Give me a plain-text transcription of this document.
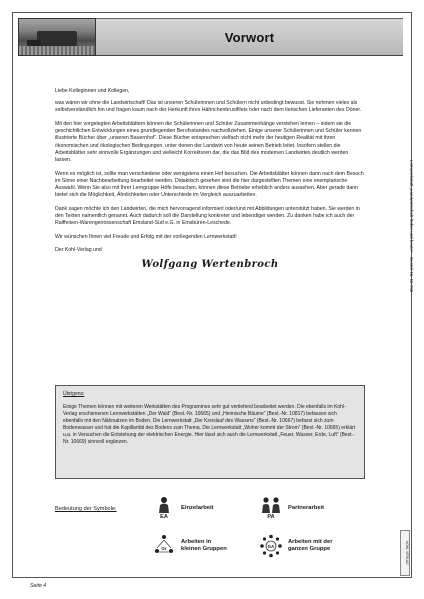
Vorwort

Liebe Kolleginnen und Kollegen,

was wären wir ohne die Landwirtschaft! Das ist unseren Schülerinnen und Schülern nicht unbedingt bewusst. Sie nehmen vieles als selbstverständlich hin und fragen kaum nach der Herkunft ihres Hähnchenbrustfilets oder nach dem tierischen Lieferanten des Döner.

Mit den hier vorgelegten Arbeitsblättern können die Schülerinnen und Schüler Zusammenhänge verstehen lernen – indem sie die geschichtlichen Entwicklungen eines grundlegenden Berufsstandes nachvollziehen. Einige unserer Schülerinnen und Schüler kennen illustrierte Bücher über „unseren Bauernhof“. Diese Bücher entsprechen vielfach nicht mehr der heutigen Realität mit ihren ökonomischen und ökologischen Bedingungen, unter denen der Landwirt von heute seinen Betrieb leitet. Insofern stellen die Arbeitsblätter sehr sinnvolle Ergänzungen und vielleicht Korrekturen dar, die das Bild des modernen Landwirtes deutlich werden lassen.

Wenn es möglich ist, sollte man verschiedene oder wenigstens einen Hof besuchen. Die Arbeitsblätter können dann nach dem Besuch im Sinne einer Nachbearbeitung bearbeitet werden. Didaktisch gesehen sind die hier dargestellten Themen eine exemplarische Auswahl. Wenn Sie also mit Ihrer Lerngruppe Höfe besuchen, können diese Betriebe erheblich anders aussehen. Aber gerade dann bietet sich die Möglichkeit, Ähnlichkeiten oder Unterschiede im Vergleich auszuarbeiten.

Dank sagen möchte ich den Landwirten, die mich hervorragend informiert oder/und mit Abbildungen unterstützt haben. Sie werden in den Texten namentlich genannt. Auch dadurch soll die Darstellung konkreter und lebendiger werden. Zu danken habe ich auch der Raiffeisen-Warengenossenschaft Emsland-Süd e.G. in Emsbüren-Leschede.

Wir wünschen Ihnen viel Freude und Erfolg mit der vorliegenden Lernwerkstatt!

Der Kohl-Verlag und

Wolfgang Wertenbroch
Übrigens:
Einige Themen können mit weiteren Werkstätten des Programmes sehr gut vertiefend bearbeitet werden. Die ebenfalls im Kohl-Verlag erschienenen Lernwerkstätten „Der Wald“ (Best.-Nr. 10665) und „Heimische Bäume“ (Best.-Nr. 10817) befassen sich ebenfalls mit den Nährsalzen im Boden. Die Lernwerkstatt „Der Kreislauf des Wassers“ (Best.-Nr. 10667) befasst sich zum Bodenwasser und hat die Kapillarität des Bodens zum Thema. Die Lernwerkstatt „Woher kommt der Strom“ (Best.-Nr. 10665) erklärt u.a. in Versuchen die Entstehung der elektrischen Energie. Hier lässt sich auch die Lernwerkstatt „Feuer, Wasser, Erde, Luft“ (Best.-Nr. 10669) sinnvoll ergänzen.
Bedeutung der Symbole:
EA
Einzelarbeit
PA
Partnerarbeit
Gr
Arbeiten in
kleinen Gruppen	GA
Arbeiten mit der
ganzen Gruppe
Lernwerkstatt „Landwirtschaft früher und heute“ – Bestell-Nr. 10 788
KOHL VERLAG
Seite 4
